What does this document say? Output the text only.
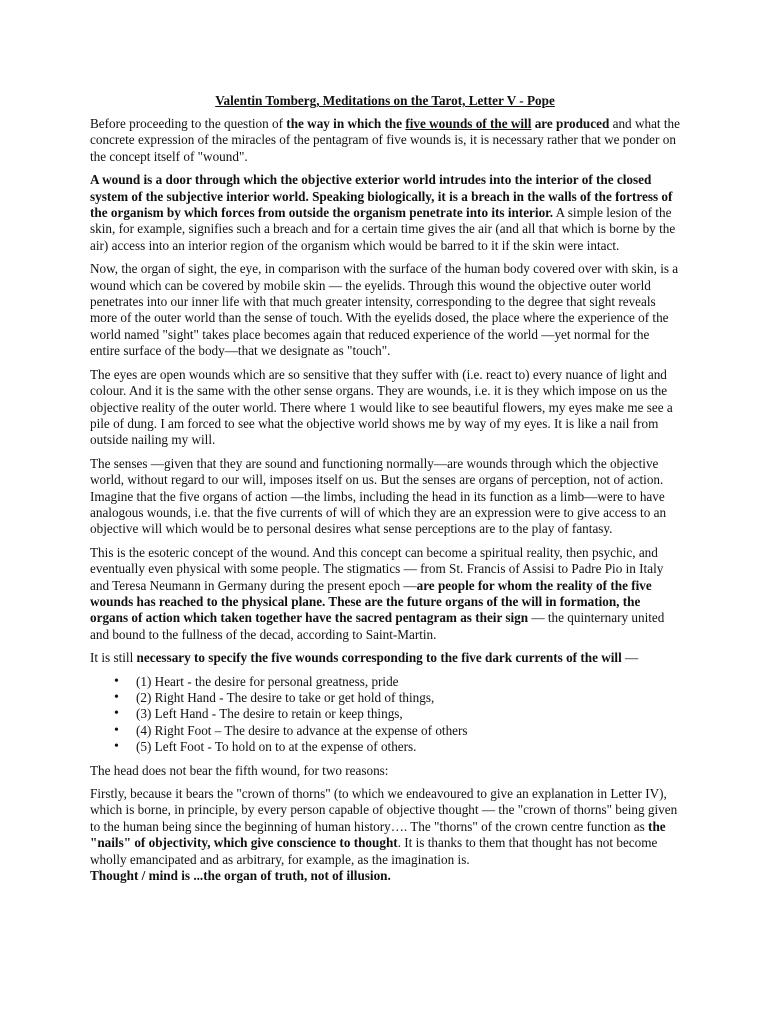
Valentin Tomberg, Meditations on the Tarot, Letter V - Pope

Before proceeding to the question of the way in which the five wounds of the will are produced and what the concrete expression of the miracles of the pentagram of five wounds is, it is necessary rather that we ponder on the concept itself of "wound".

A wound is a door through which the objective exterior world intrudes into the interior of the closed system of the subjective interior world. Speaking biologically, it is a breach in the walls of the fortress of the organism by which forces from outside the organism penetrate into its interior. A simple lesion of the skin, for example, signifies such a breach and for a certain time gives the air (and all that which is borne by the air) access into an interior region of the organism which would be barred to it if the skin were intact.

Now, the organ of sight, the eye, in comparison with the surface of the human body covered over with skin, is a wound which can be covered by mobile skin — the eyelids. Through this wound the objective outer world penetrates into our inner life with that much greater intensity, corresponding to the degree that sight reveals more of the outer world than the sense of touch. With the eyelids dosed, the place where the experience of the world named "sight" takes place becomes again that reduced experience of the world —yet normal for the entire surface of the body—that we designate as "touch".

The eyes are open wounds which are so sensitive that they suffer with (i.e. react to) every nuance of light and colour. And it is the same with the other sense organs. They are wounds, i.e. it is they which impose on us the objective reality of the outer world. There where 1 would like to see beautiful flowers, my eyes make me see a pile of dung. I am forced to see what the objective world shows me by way of my eyes. It is like a nail from outside nailing my will.

The senses —given that they are sound and functioning normally—are wounds through which the objective world, without regard to our will, imposes itself on us. But the senses are organs of perception, not of action. Imagine that the five organs of action —the limbs, including the head in its function as a limb—were to have analogous wounds, i.e. that the five currents of will of which they are an expression were to give access to an objective will which would be to personal desires what sense perceptions are to the play of fantasy.

This is the esoteric concept of the wound. And this concept can become a spiritual reality, then psychic, and eventually even physical with some people. The stigmatics — from St. Francis of Assisi to Padre Pio in Italy and Teresa Neumann in Germany during the present epoch —are people for whom the reality of the five wounds has reached to the physical plane. These are the future organs of the will in formation, the organs of action which taken together have the sacred pentagram as their sign — the quinternary united and bound to the fullness of the decad, according to Saint-Martin.

It is still necessary to specify the five wounds corresponding to the five dark currents of the will —

• (1) Heart - the desire for personal greatness, pride
• (2) Right Hand - The desire to take or get hold of things,
• (3) Left Hand - The desire to retain or keep things,
• (4) Right Foot – The desire to advance at the expense of others
• (5) Left Foot - To hold on to at the expense of others.

The head does not bear the fifth wound, for two reasons:

Firstly, because it bears the "crown of thorns" (to which we endeavoured to give an explanation in Letter IV), which is borne, in principle, by every person capable of objective thought — the "crown of thorns" being given to the human being since the beginning of human history…. The "thorns" of the crown centre function as the "nails" of objectivity, which give conscience to thought. It is thanks to them that thought has not become wholly emancipated and as arbitrary, for example, as the imagination is.
Thought / mind is ...the organ of truth, not of illusion.
